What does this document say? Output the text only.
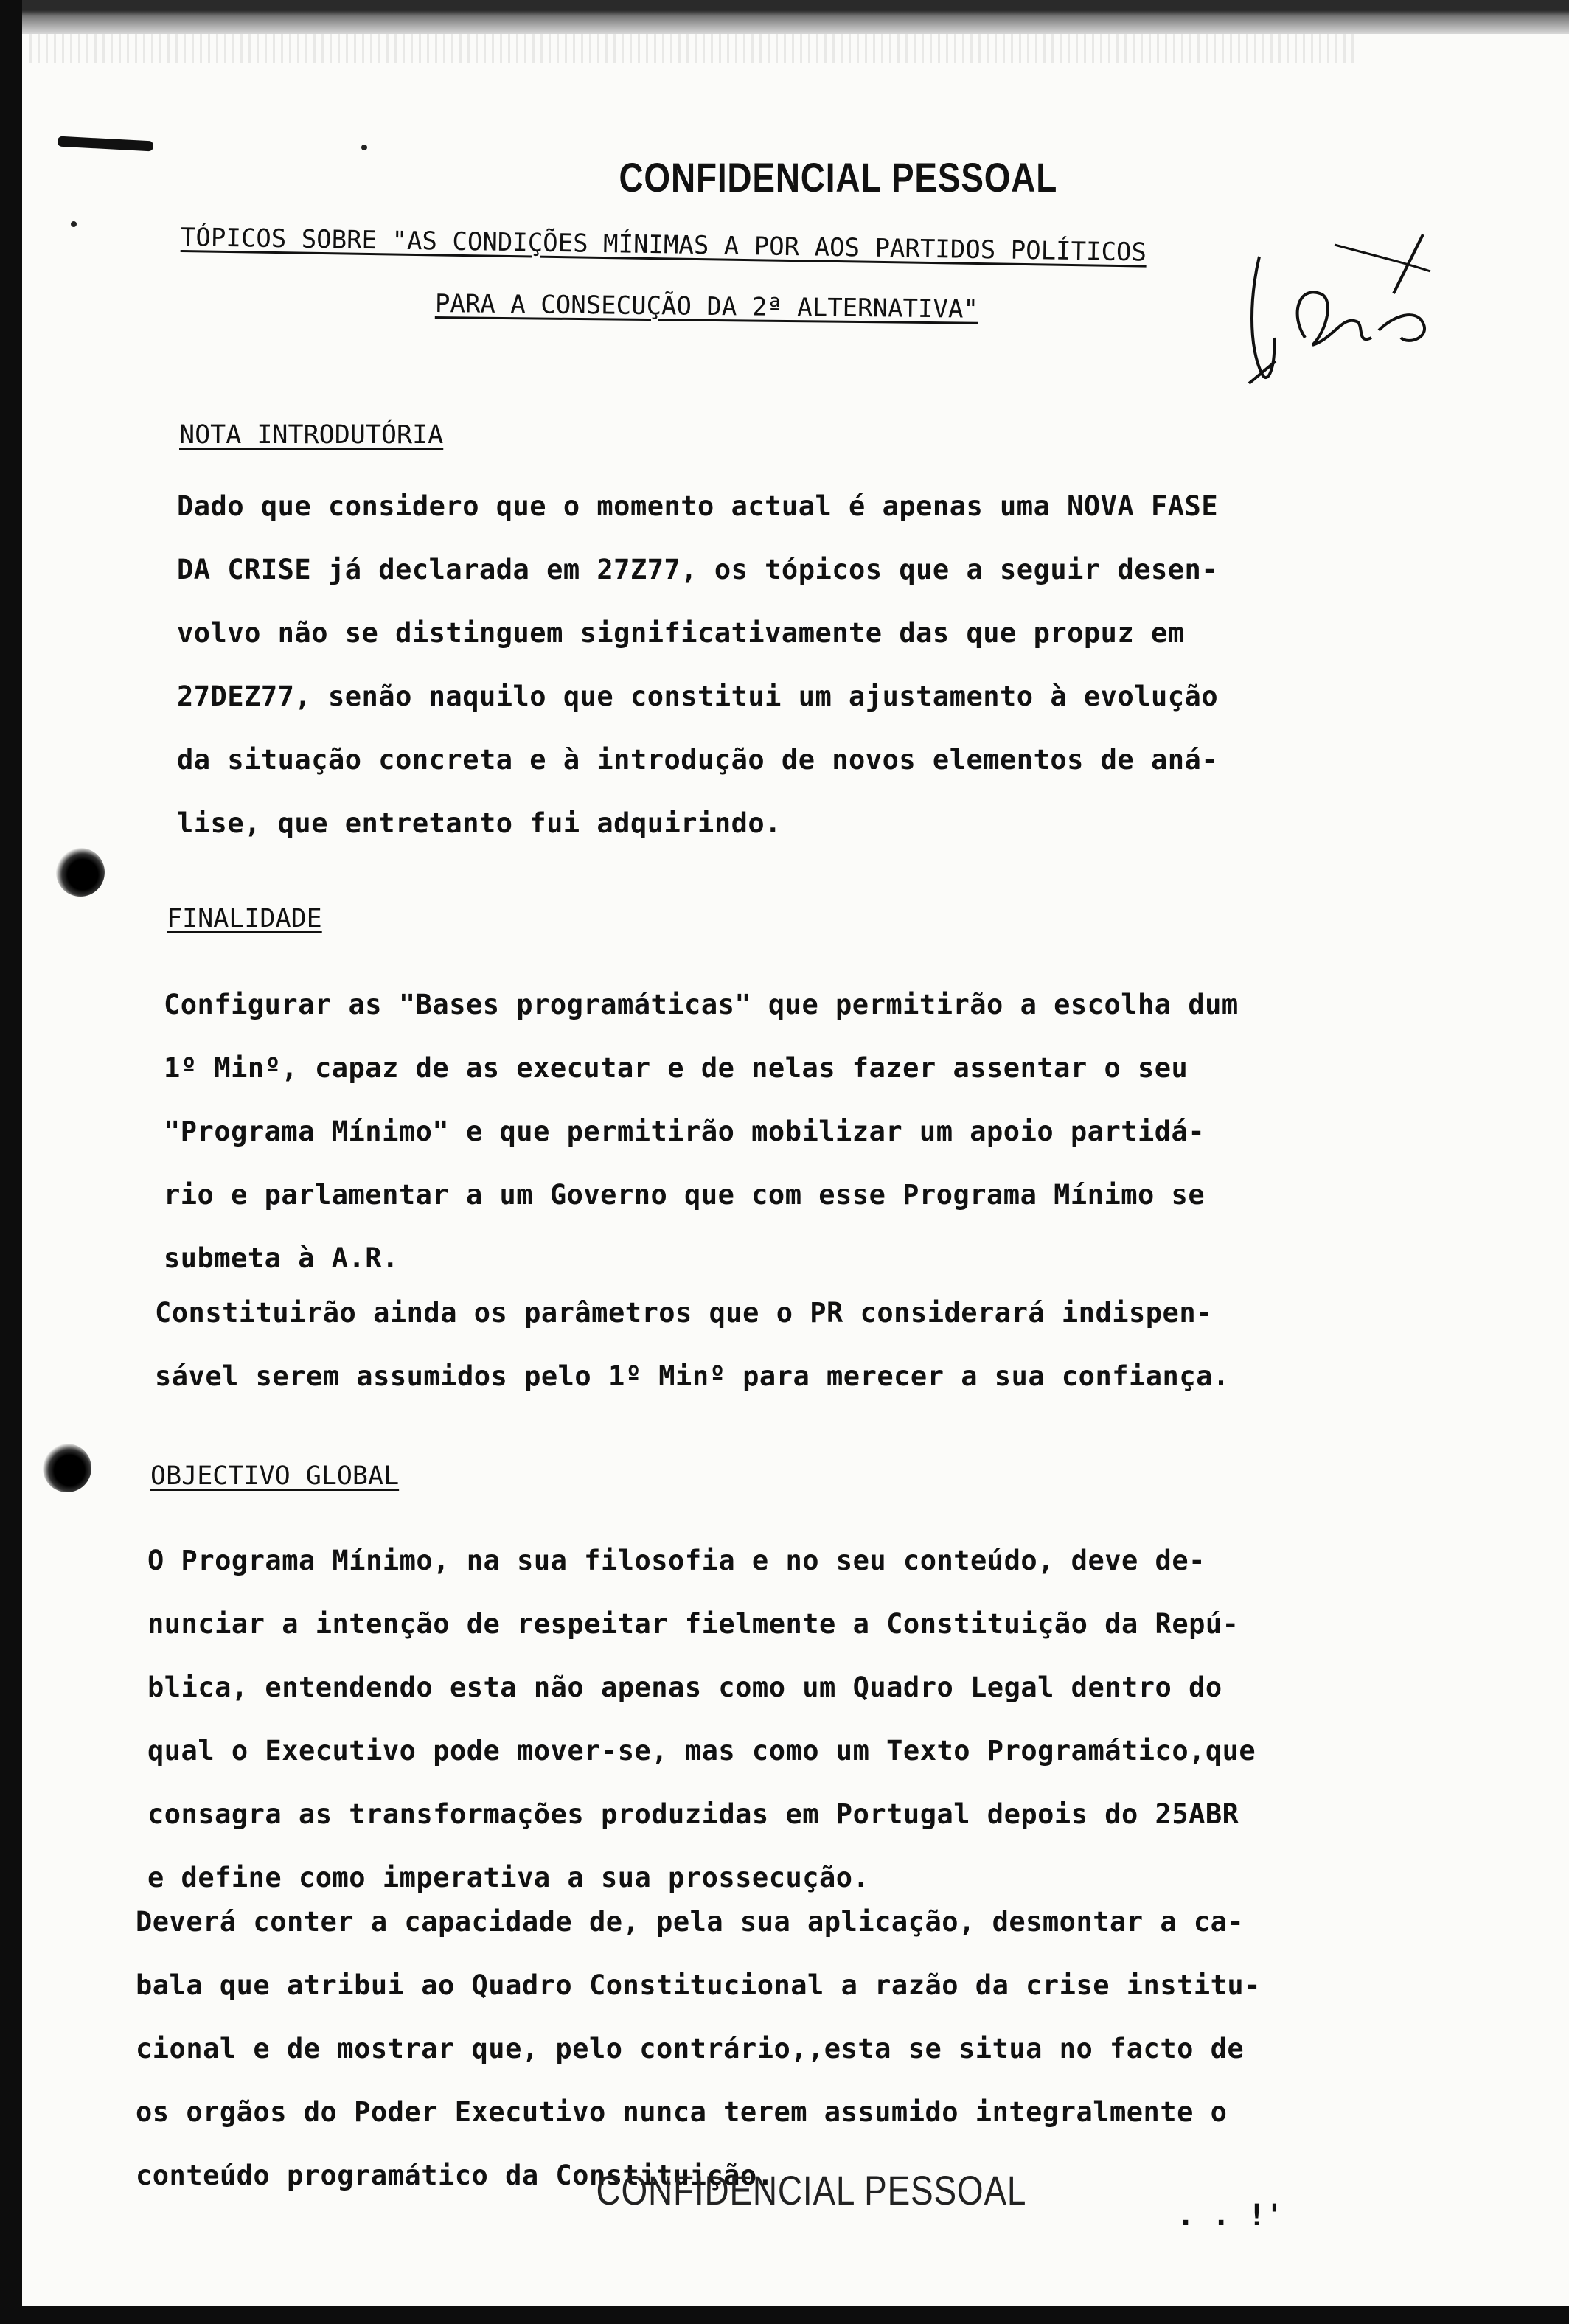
CONFIDENCIAL PESSOAL
TÓPICOS SOBRE "AS CONDIÇÕES MÍNIMAS A POR AOS PARTIDOS POLÍTICOS
PARA A CONSECUÇÃO DA 2ª ALTERNATIVA"
NOTA INTRODUTÓRIA

Dado que considero que o momento actual é apenas uma NOVA FASE
DA CRISE já declarada em 27Z77, os tópicos que a seguir desen-
volvo não se distinguem significativamente das que propuz em
27DEZ77, senão naquilo que constitui um ajustamento à evolução
da situação concreta e à introdução de novos elementos de aná-
lise, que entretanto fui adquirindo.

FINALIDADE

Configurar as "Bases programáticas" que permitirão a escolha dum
1º Minº, capaz de as executar e de nelas fazer assentar o seu
"Programa Mínimo" e que permitirão mobilizar um apoio partidá-
rio e parlamentar a um Governo que com esse Programa Mínimo se
submeta à A.R.

Constituirão ainda os parâmetros que o PR considerará indispen-
sável serem assumidos pelo 1º Minº para merecer a sua confiança.

OBJECTIVO GLOBAL

O Programa Mínimo, na sua filosofia e no seu conteúdo, deve de-
nunciar a intenção de respeitar fielmente a Constituição da Repú-
blica, entendendo esta não apenas como um Quadro Legal dentro do
qual o Executivo pode mover-se, mas como um Texto Programático,que
consagra as transformações produzidas em Portugal depois do 25ABR
e define como imperativa a sua prossecução.

Deverá conter a capacidade de, pela sua aplicação, desmontar a ca-
bala que atribui ao Quadro Constitucional a razão da crise institu-
cional e de mostrar que, pelo contrário,,esta se situa no facto de
os orgãos do Poder Executivo nunca terem assumido integralmente o
conteúdo programático da Constituição.

CONFIDENCIAL PESSOAL
. . !'
